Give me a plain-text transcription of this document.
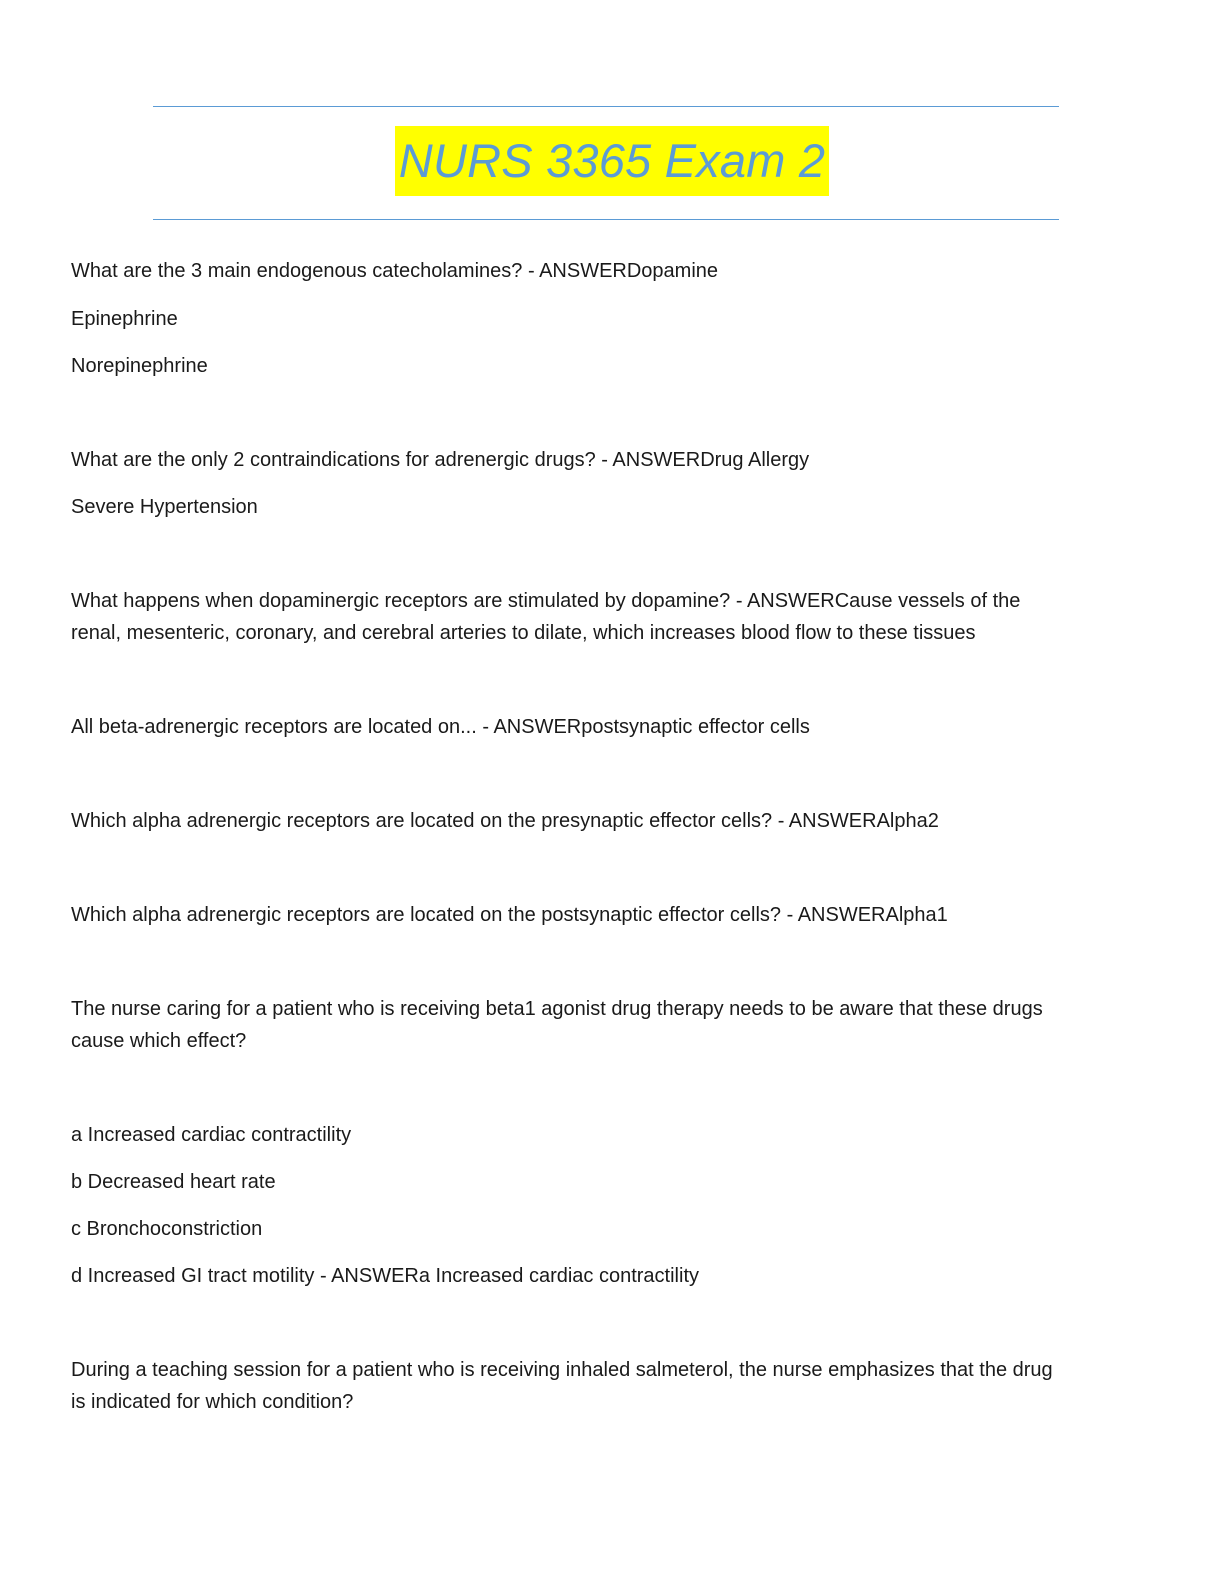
NURS 3365 Exam 2

What are the 3 main endogenous catecholamines? - ANSWERDopamine

Epinephrine

Norepinephrine

What are the only 2 contraindications for adrenergic drugs? - ANSWERDrug Allergy

Severe Hypertension

What happens when dopaminergic receptors are stimulated by dopamine? - ANSWERCause vessels of the

renal, mesenteric, coronary, and cerebral arteries to dilate, which increases blood flow to these tissues

All beta-adrenergic receptors are located on... - ANSWERpostsynaptic effector cells

Which alpha adrenergic receptors are located on the presynaptic effector cells? - ANSWERAlpha2

Which alpha adrenergic receptors are located on the postsynaptic effector cells? - ANSWERAlpha1

The nurse caring for a patient who is receiving beta1 agonist drug therapy needs to be aware that these drugs

cause which effect?

a Increased cardiac contractility

b Decreased heart rate

c Bronchoconstriction

d Increased GI tract motility - ANSWERa Increased cardiac contractility

During a teaching session for a patient who is receiving inhaled salmeterol, the nurse emphasizes that the drug

is indicated for which condition?
